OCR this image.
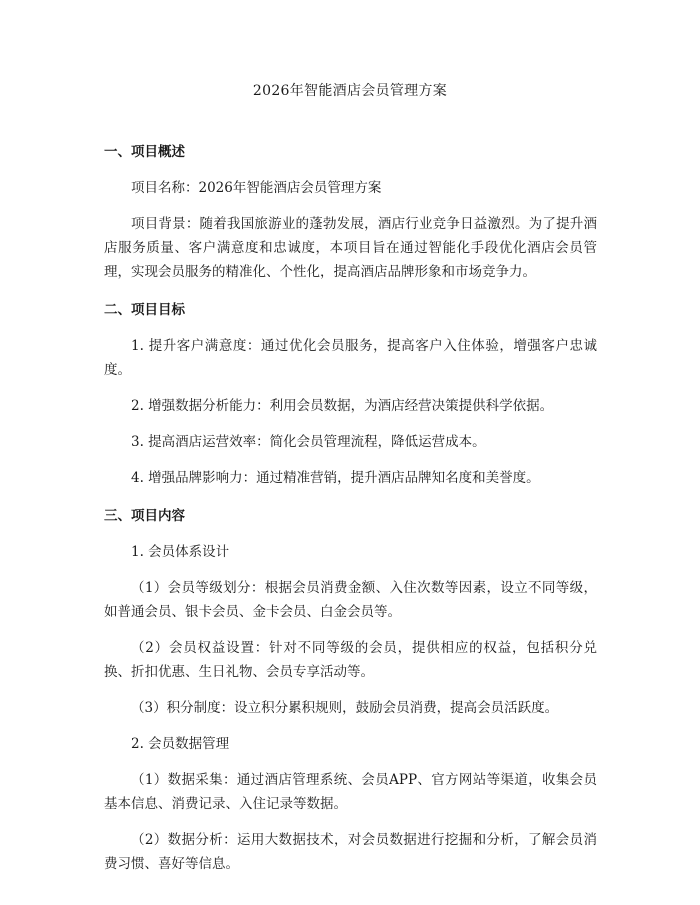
2026年智能酒店会员管理方案
一、项目概述

项目名称：2026年智能酒店会员管理方案

项目背景：随着我国旅游业的蓬勃发展，酒店行业竞争日益激烈。为了提升酒店服务质量、客户满意度和忠诚度，本项目旨在通过智能化手段优化酒店会员管理，实现会员服务的精准化、个性化，提高酒店品牌形象和市场竞争力。

二、项目目标

1. 提升客户满意度：通过优化会员服务，提高客户入住体验，增强客户忠诚度。

2. 增强数据分析能力：利用会员数据，为酒店经营决策提供科学依据。

3. 提高酒店运营效率：简化会员管理流程，降低运营成本。

4. 增强品牌影响力：通过精准营销，提升酒店品牌知名度和美誉度。

三、项目内容

1. 会员体系设计

（1）会员等级划分：根据会员消费金额、入住次数等因素，设立不同等级，如普通会员、银卡会员、金卡会员、白金会员等。

（2）会员权益设置：针对不同等级的会员，提供相应的权益，包括积分兑换、折扣优惠、生日礼物、会员专享活动等。

（3）积分制度：设立积分累积规则，鼓励会员消费，提高会员活跃度。

2. 会员数据管理

（1）数据采集：通过酒店管理系统、会员APP、官方网站等渠道，收集会员基本信息、消费记录、入住记录等数据。

（2）数据分析：运用大数据技术，对会员数据进行挖掘和分析，了解会员消费习惯、喜好等信息。
